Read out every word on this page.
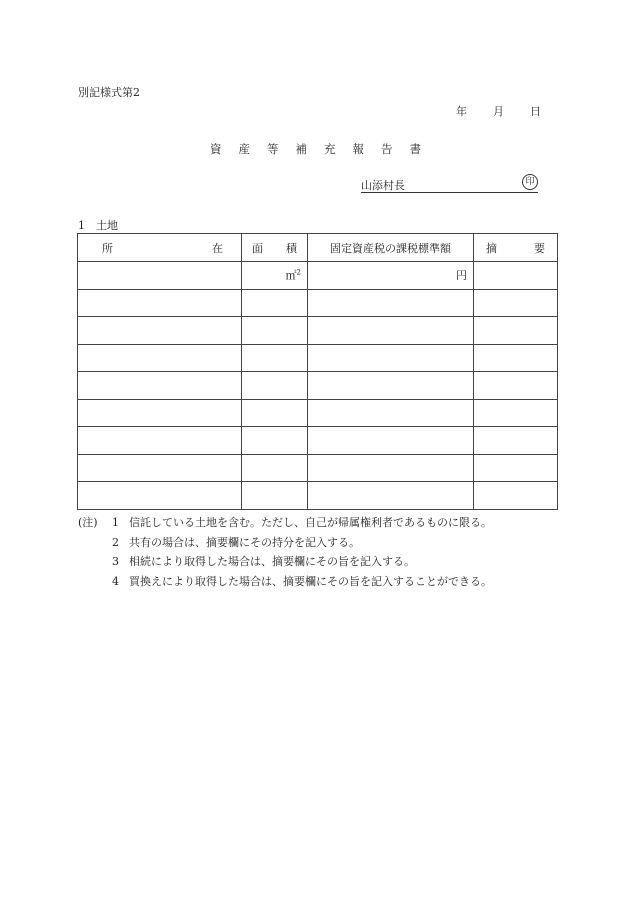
別記様式第2
年 月 日
資産等補充報告書
山添村長	印
1　土地
所 在	面 積	固定資産税の課税標準額	摘 要

	㎡$^2$	円	

(注) 1 信託している土地を含む。ただし、自己が帰属権利者であるものに限る。
2 共有の場合は、摘要欄にその持分を記入する。
3 相続により取得した場合は、摘要欄にその旨を記入する。
4 買換えにより取得した場合は、摘要欄にその旨を記入することができる。
